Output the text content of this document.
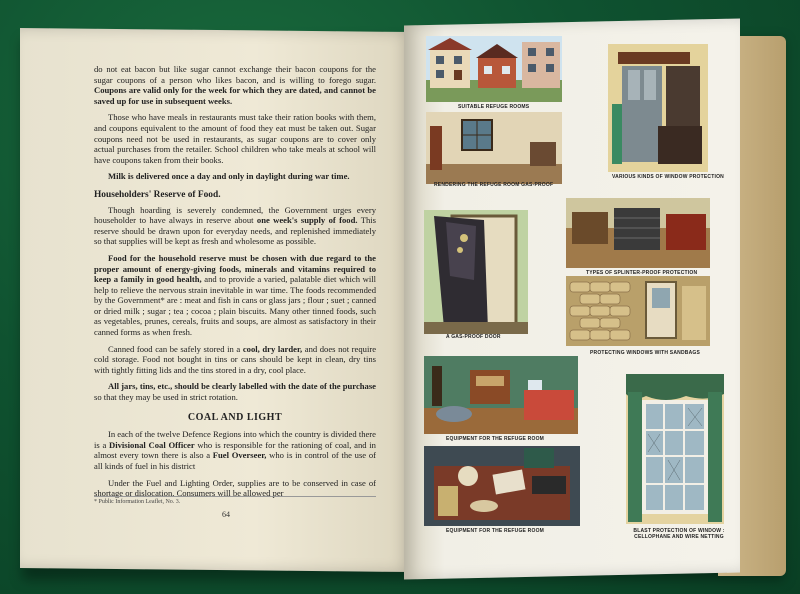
do not eat bacon but like sugar cannot exchange their bacon coupons for the sugar coupons of a person who likes bacon, and is willing to forego sugar. Coupons are valid only for the week for which they are dated, and cannot be saved up for use in subsequent weeks.

Those who have meals in restaurants must take their ration books with them, and coupons equivalent to the amount of food they eat must be taken out. Sugar coupons need not be used in restaurants, as sugar coupons are to cover only actual purchases from the retailer. School children who take meals at school will have coupons taken from their books.

Milk is delivered once a day and only in daylight during war time.

Householders' Reserve of Food.

Though hoarding is severely condemned, the Government urges every householder to have always in reserve about one week's supply of food. This reserve should be drawn upon for everyday needs, and replenished immediately so that supplies will be kept as fresh and wholesome as possible.

Food for the household reserve must be chosen with due regard to the proper amount of energy-giving foods, minerals and vitamins required to keep a family in good health, and to provide a varied, palatable diet which will help to relieve the nervous strain inevitable in war time. The foods recommended by the Government* are : meat and fish in cans or glass jars ; flour ; suet ; canned or dried milk ; sugar ; tea ; cocoa ; plain biscuits. Many other tinned foods, such as vegetables, prunes, cereals, fruits and soups, are almost as satisfactory in their canned forms as when fresh.

Canned food can be safely stored in a cool, dry larder, and does not require cold storage. Food not bought in tins or cans should be kept in clean, dry tins with tightly fitting lids and the tins stored in a dry, cool place.

All jars, tins, etc., should be clearly labelled with the date of the purchase so that they may be used in strict rotation.

COAL AND LIGHT

In each of the twelve Defence Regions into which the country is divided there is a Divisional Coal Officer who is responsible for the rationing of coal, and in almost every town there is also a Fuel Overseer, who is in control of the use of all kinds of fuel in his district

Under the Fuel and Lighting Order, supplies are to be conserved in case of shortage or dislocation. Consumers will be allowed per

* Public Information Leaflet, No. 3.
64
SUITABLE REFUGE ROOMS
RENDERING THE REFUGE ROOM GAS-PROOF
VARIOUS KINDS OF WINDOW PROTECTION
A GAS-PROOF DOOR
TYPES OF SPLINTER-PROOF PROTECTION
PROTECTING WINDOWS WITH SANDBAGS
EQUIPMENT FOR THE REFUGE ROOM
EQUIPMENT FOR THE REFUGE ROOM	BLAST PROTECTION OF WINDOW : CELLOPHANE AND WIRE NETTING
